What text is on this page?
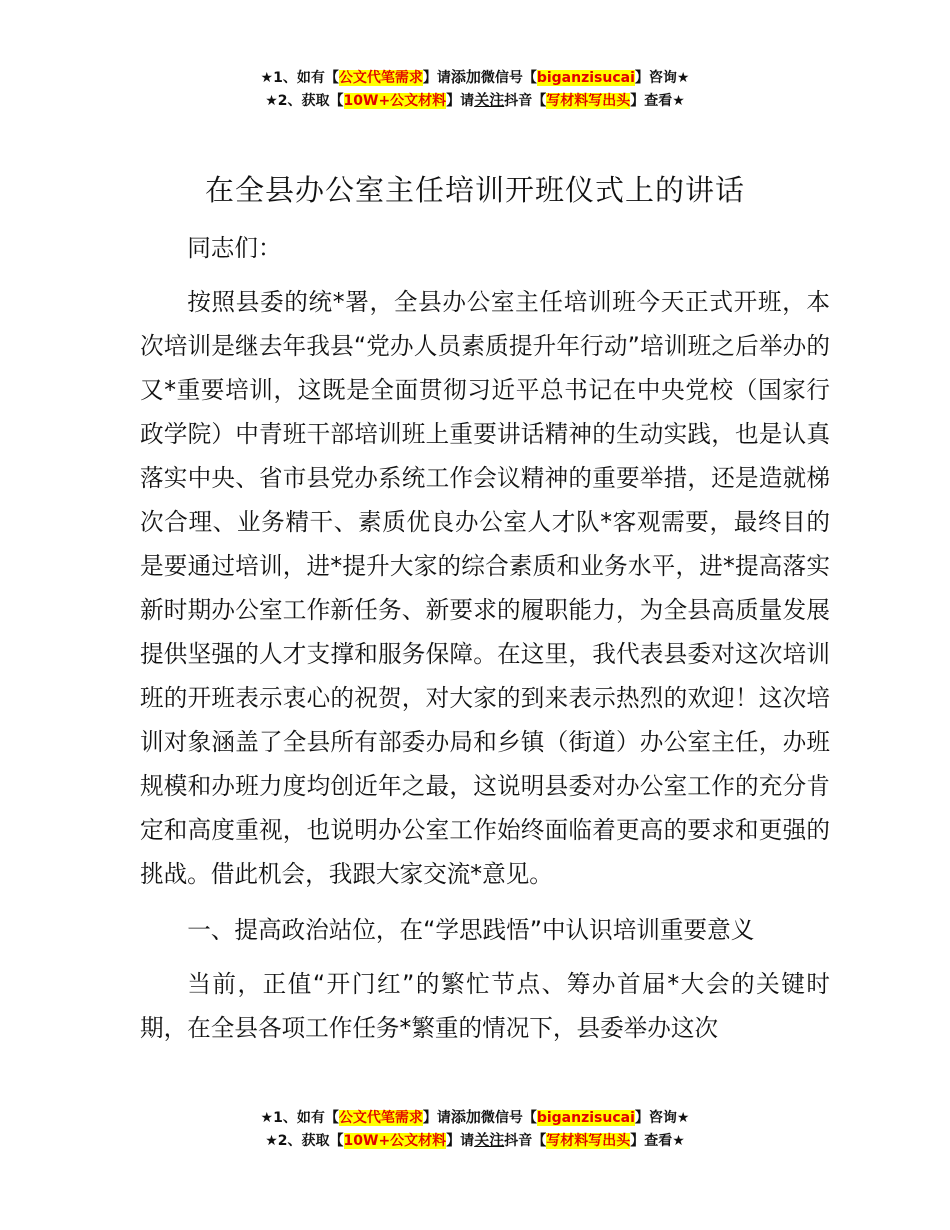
★1、如有【公文代笔需求】请添加微信号【biganzisucai】咨询★
★2、获取【10W+公文材料】请关注抖音【写材料写出头】查看★
在全县办公室主任培训开班仪式上的讲话

同志们：

按照县委的统*署，全县办公室主任培训班今天正式开班，本次培训是继去年我县“党办人员素质提升年行动”培训班之后举办的又*重要培训，这既是全面贯彻习近平总书记在中央党校（国家行政学院）中青班干部培训班上重要讲话精神的生动实践，也是认真落实中央、省市县党办系统工作会议精神的重要举措，还是造就梯次合理、业务精干、素质优良办公室人才队*客观需要，最终目的是要通过培训，进*提升大家的综合素质和业务水平，进*提高落实新时期办公室工作新任务、新要求的履职能力，为全县高质量发展提供坚强的人才支撑和服务保障。在这里，我代表县委对这次培训班的开班表示衷心的祝贺，对大家的到来表示热烈的欢迎！这次培训对象涵盖了全县所有部委办局和乡镇（街道）办公室主任，办班规模和办班力度均创近年之最，这说明县委对办公室工作的充分肯定和高度重视，也说明办公室工作始终面临着更高的要求和更强的挑战。借此机会，我跟大家交流*意见。

一、提高政治站位，在“学思践悟”中认识培训重要意义

当前，正值“开门红”的繁忙节点、筹办首届*大会的关键时期，在全县各项工作任务*繁重的情况下，县委举办这次

★1、如有【公文代笔需求】请添加微信号【biganzisucai】咨询★
★2、获取【10W+公文材料】请关注抖音【写材料写出头】查看★
